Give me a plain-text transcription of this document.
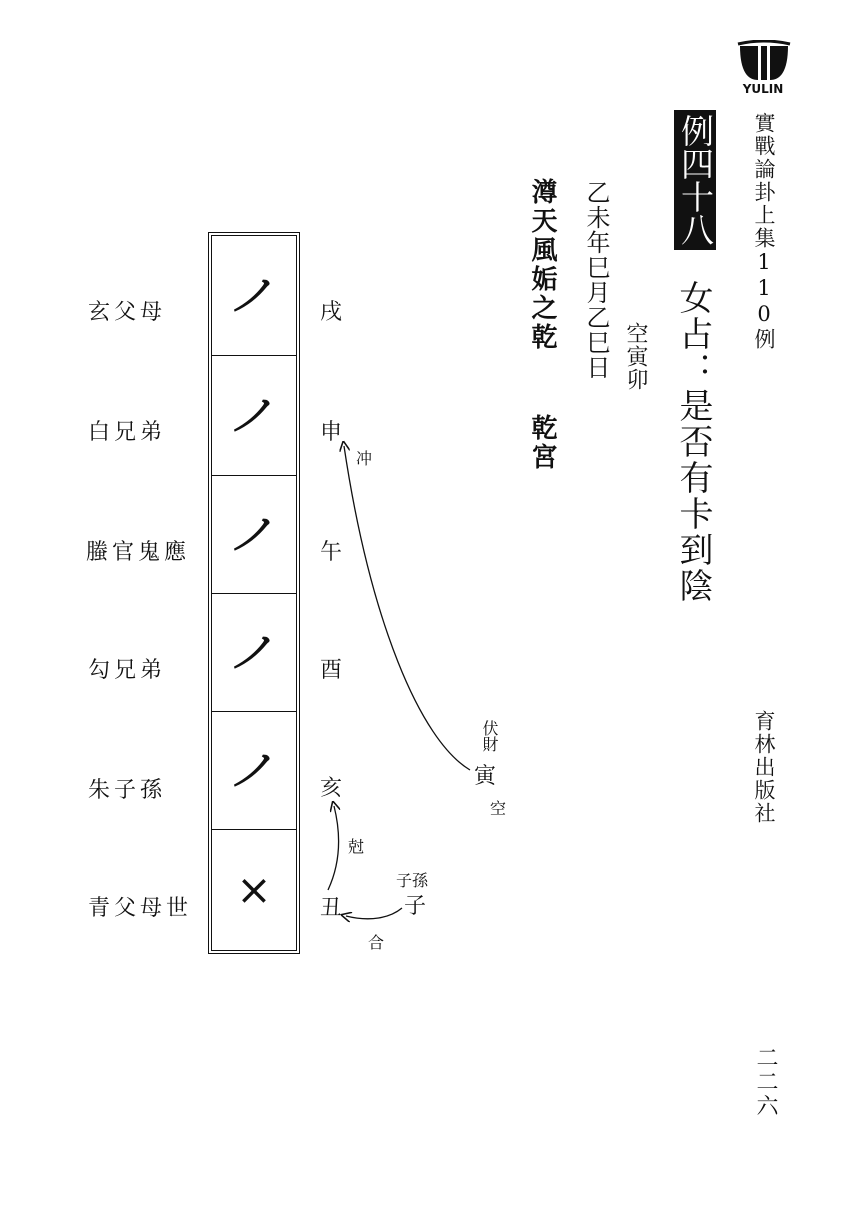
YULIN
實戰論卦上集110例
例四十八
女占：是否有卡到陰
空寅卯
乙未年巳月乙巳日
澊天風姤之乾
乾宮
育林出版社
二二六
ノ
ノ
ノ
ノ
ノ
×
玄父母
白兄弟
螣官鬼應
勾兄弟
朱子孫
青父母世
戌
申
午
酉
亥
丑
冲
伏財
寅
空
尅
子孫
子
合
